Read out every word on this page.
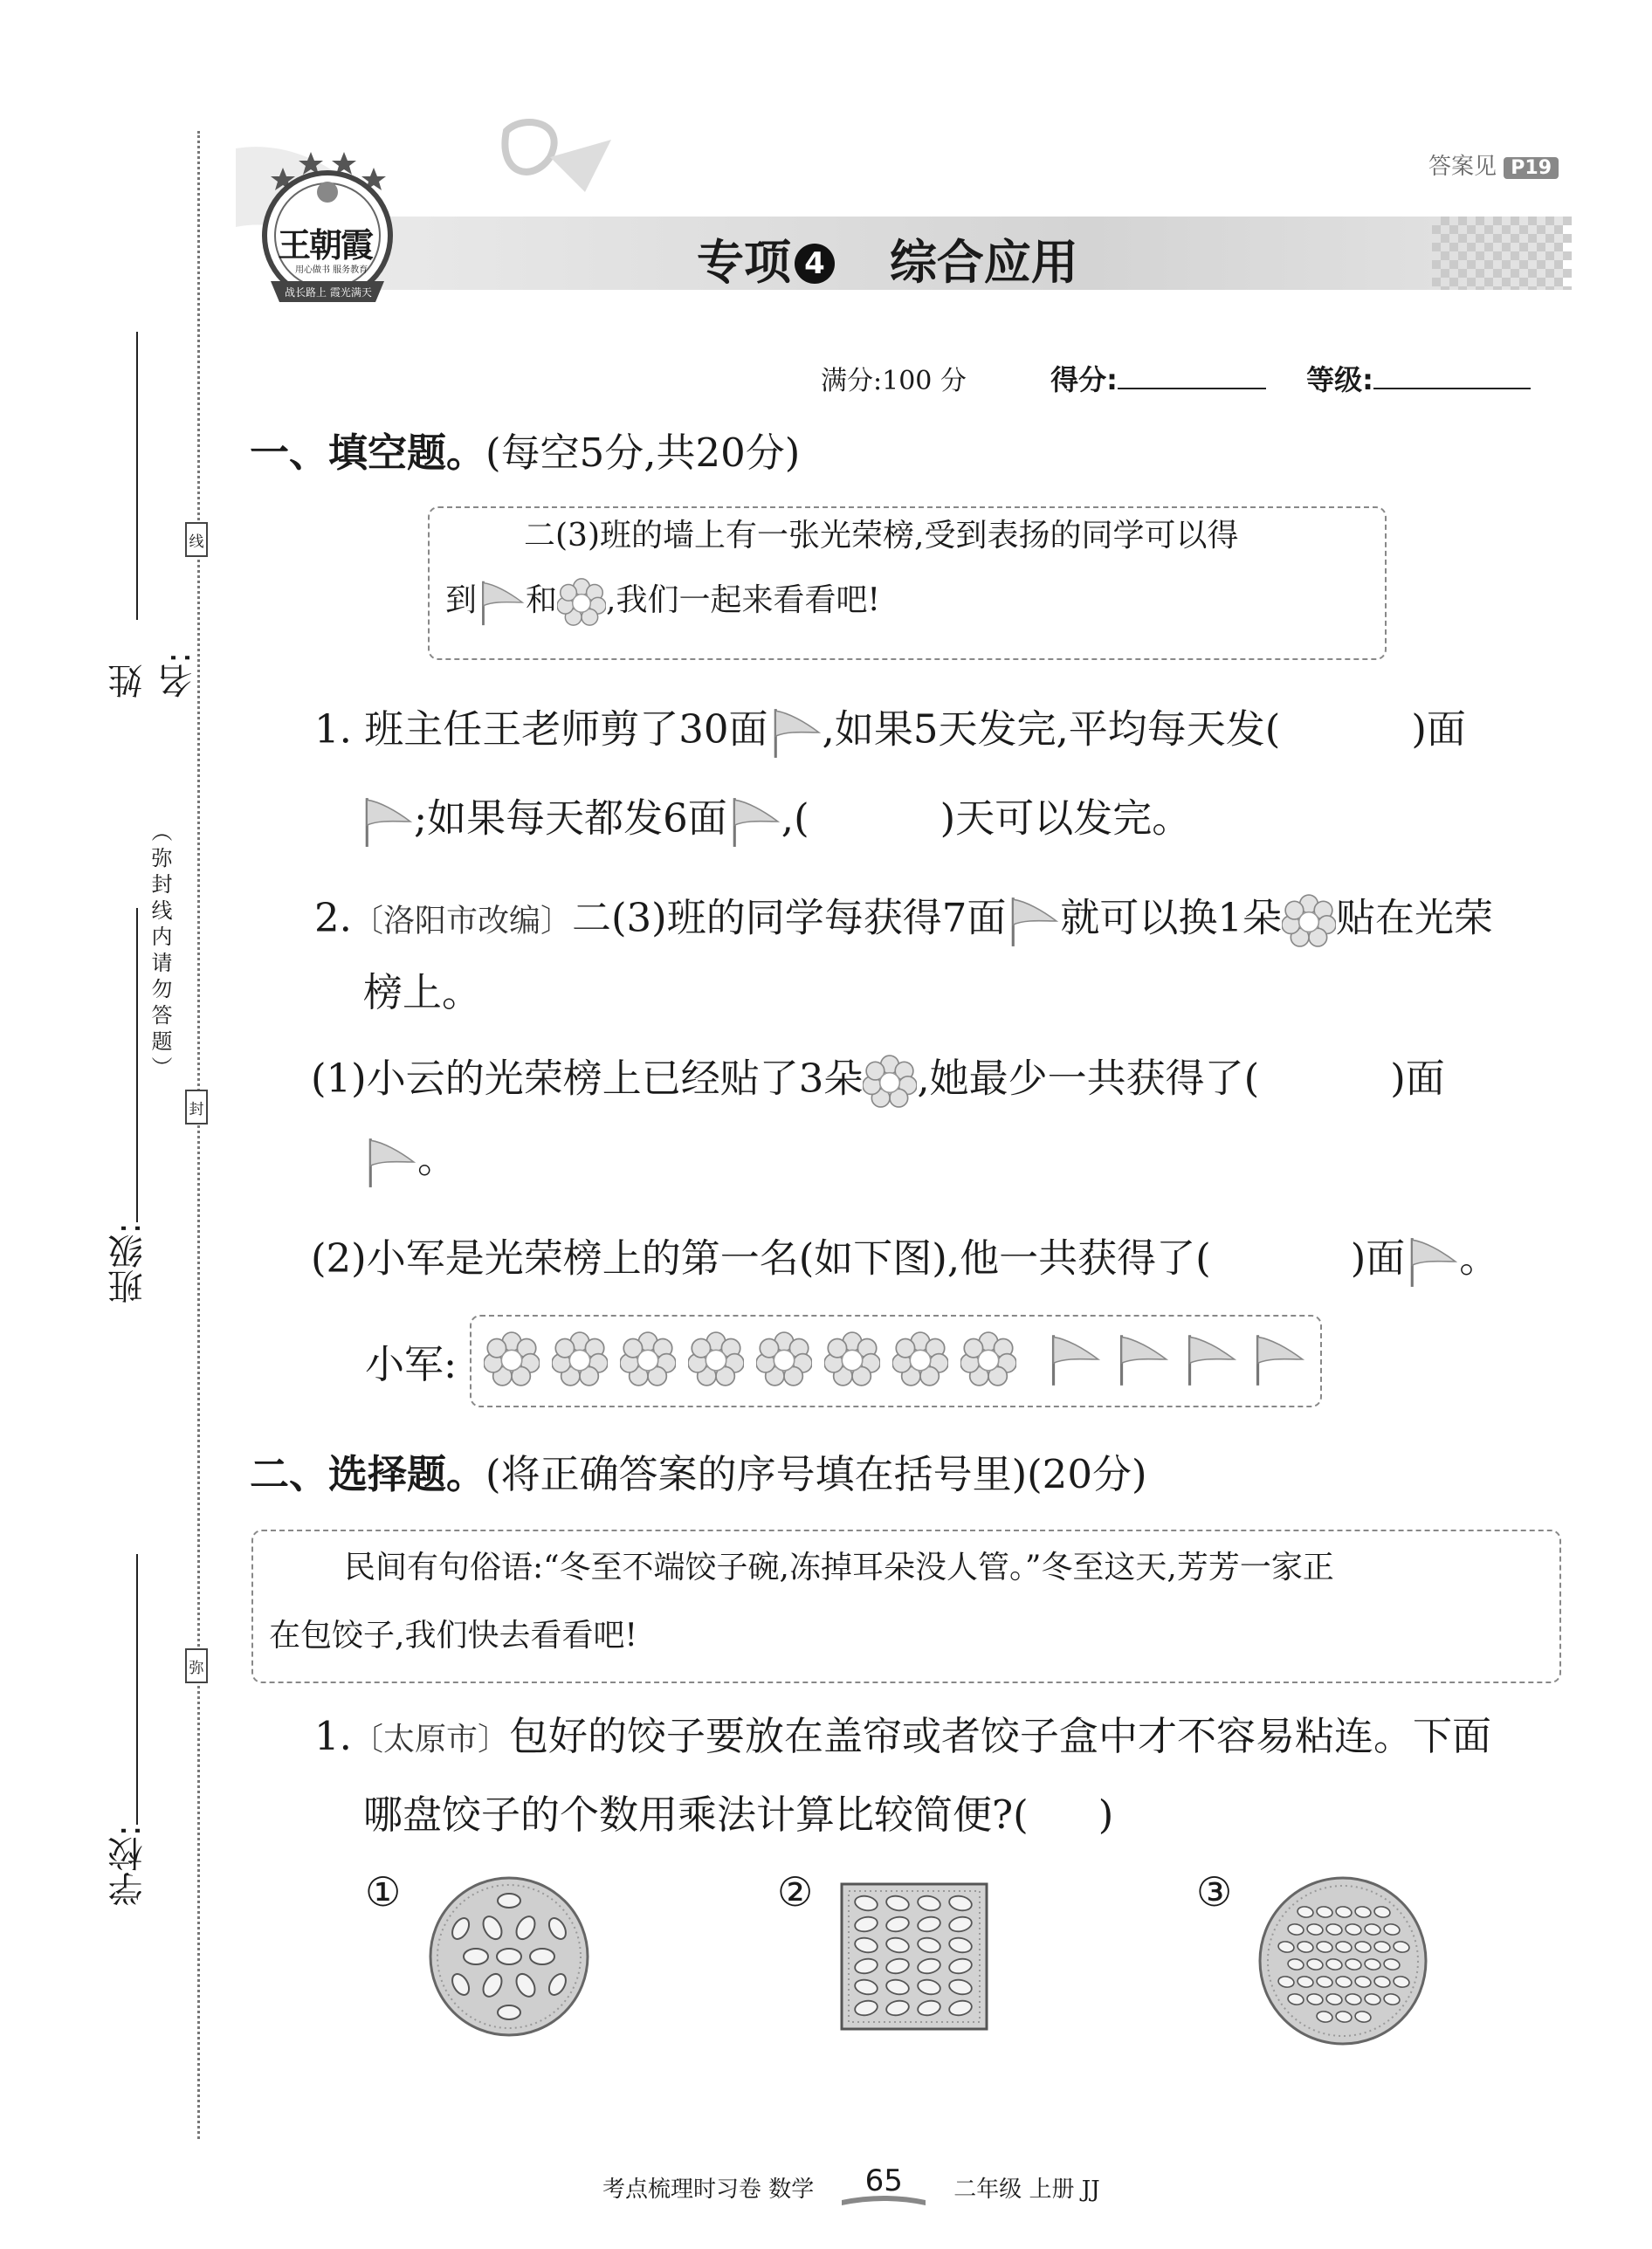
姓名:
班级:
学校:
（弥封线内请勿答题）
线
封
弥
答案见 P19
王朝霞
用心做书 服务教育
战长路上 霞光满天
专项 4 综合应用
满分:100 分	得分:	等级:
一、填空题。(每空5分,共20分)
二(3)班的墙上有一张光荣榜,受到表扬的同学可以得
到 和 ,我们一起来看看吧!
1. 班主任王老师剪了30面 ,如果5天发完,平均每天发(	)面
;如果每天都发6面 ,(	)天可以发完。
2.〔洛阳市改编〕二(3)班的同学每获得7面 就可以换1朵 贴在光荣
榜上。
(1)小云的光荣榜上已经贴了3朵 ,她最少一共获得了(	)面
。
(2)小军是光荣榜上的第一名(如下图),他一共获得了(	)面 。
小军:
二、选择题。(将正确答案的序号填在括号里)(20分)
民间有句俗语:“冬至不端饺子碗,冻掉耳朵没人管。”冬至这天,芳芳一家正
在包饺子,我们快去看看吧!
1.〔太原市〕包好的饺子要放在盖帘或者饺子盒中才不容易粘连。下面
哪盘饺子的个数用乘法计算比较简便?( )
①	②	③
考点梳理时习卷 数学	65	二年级 上册 JJ
